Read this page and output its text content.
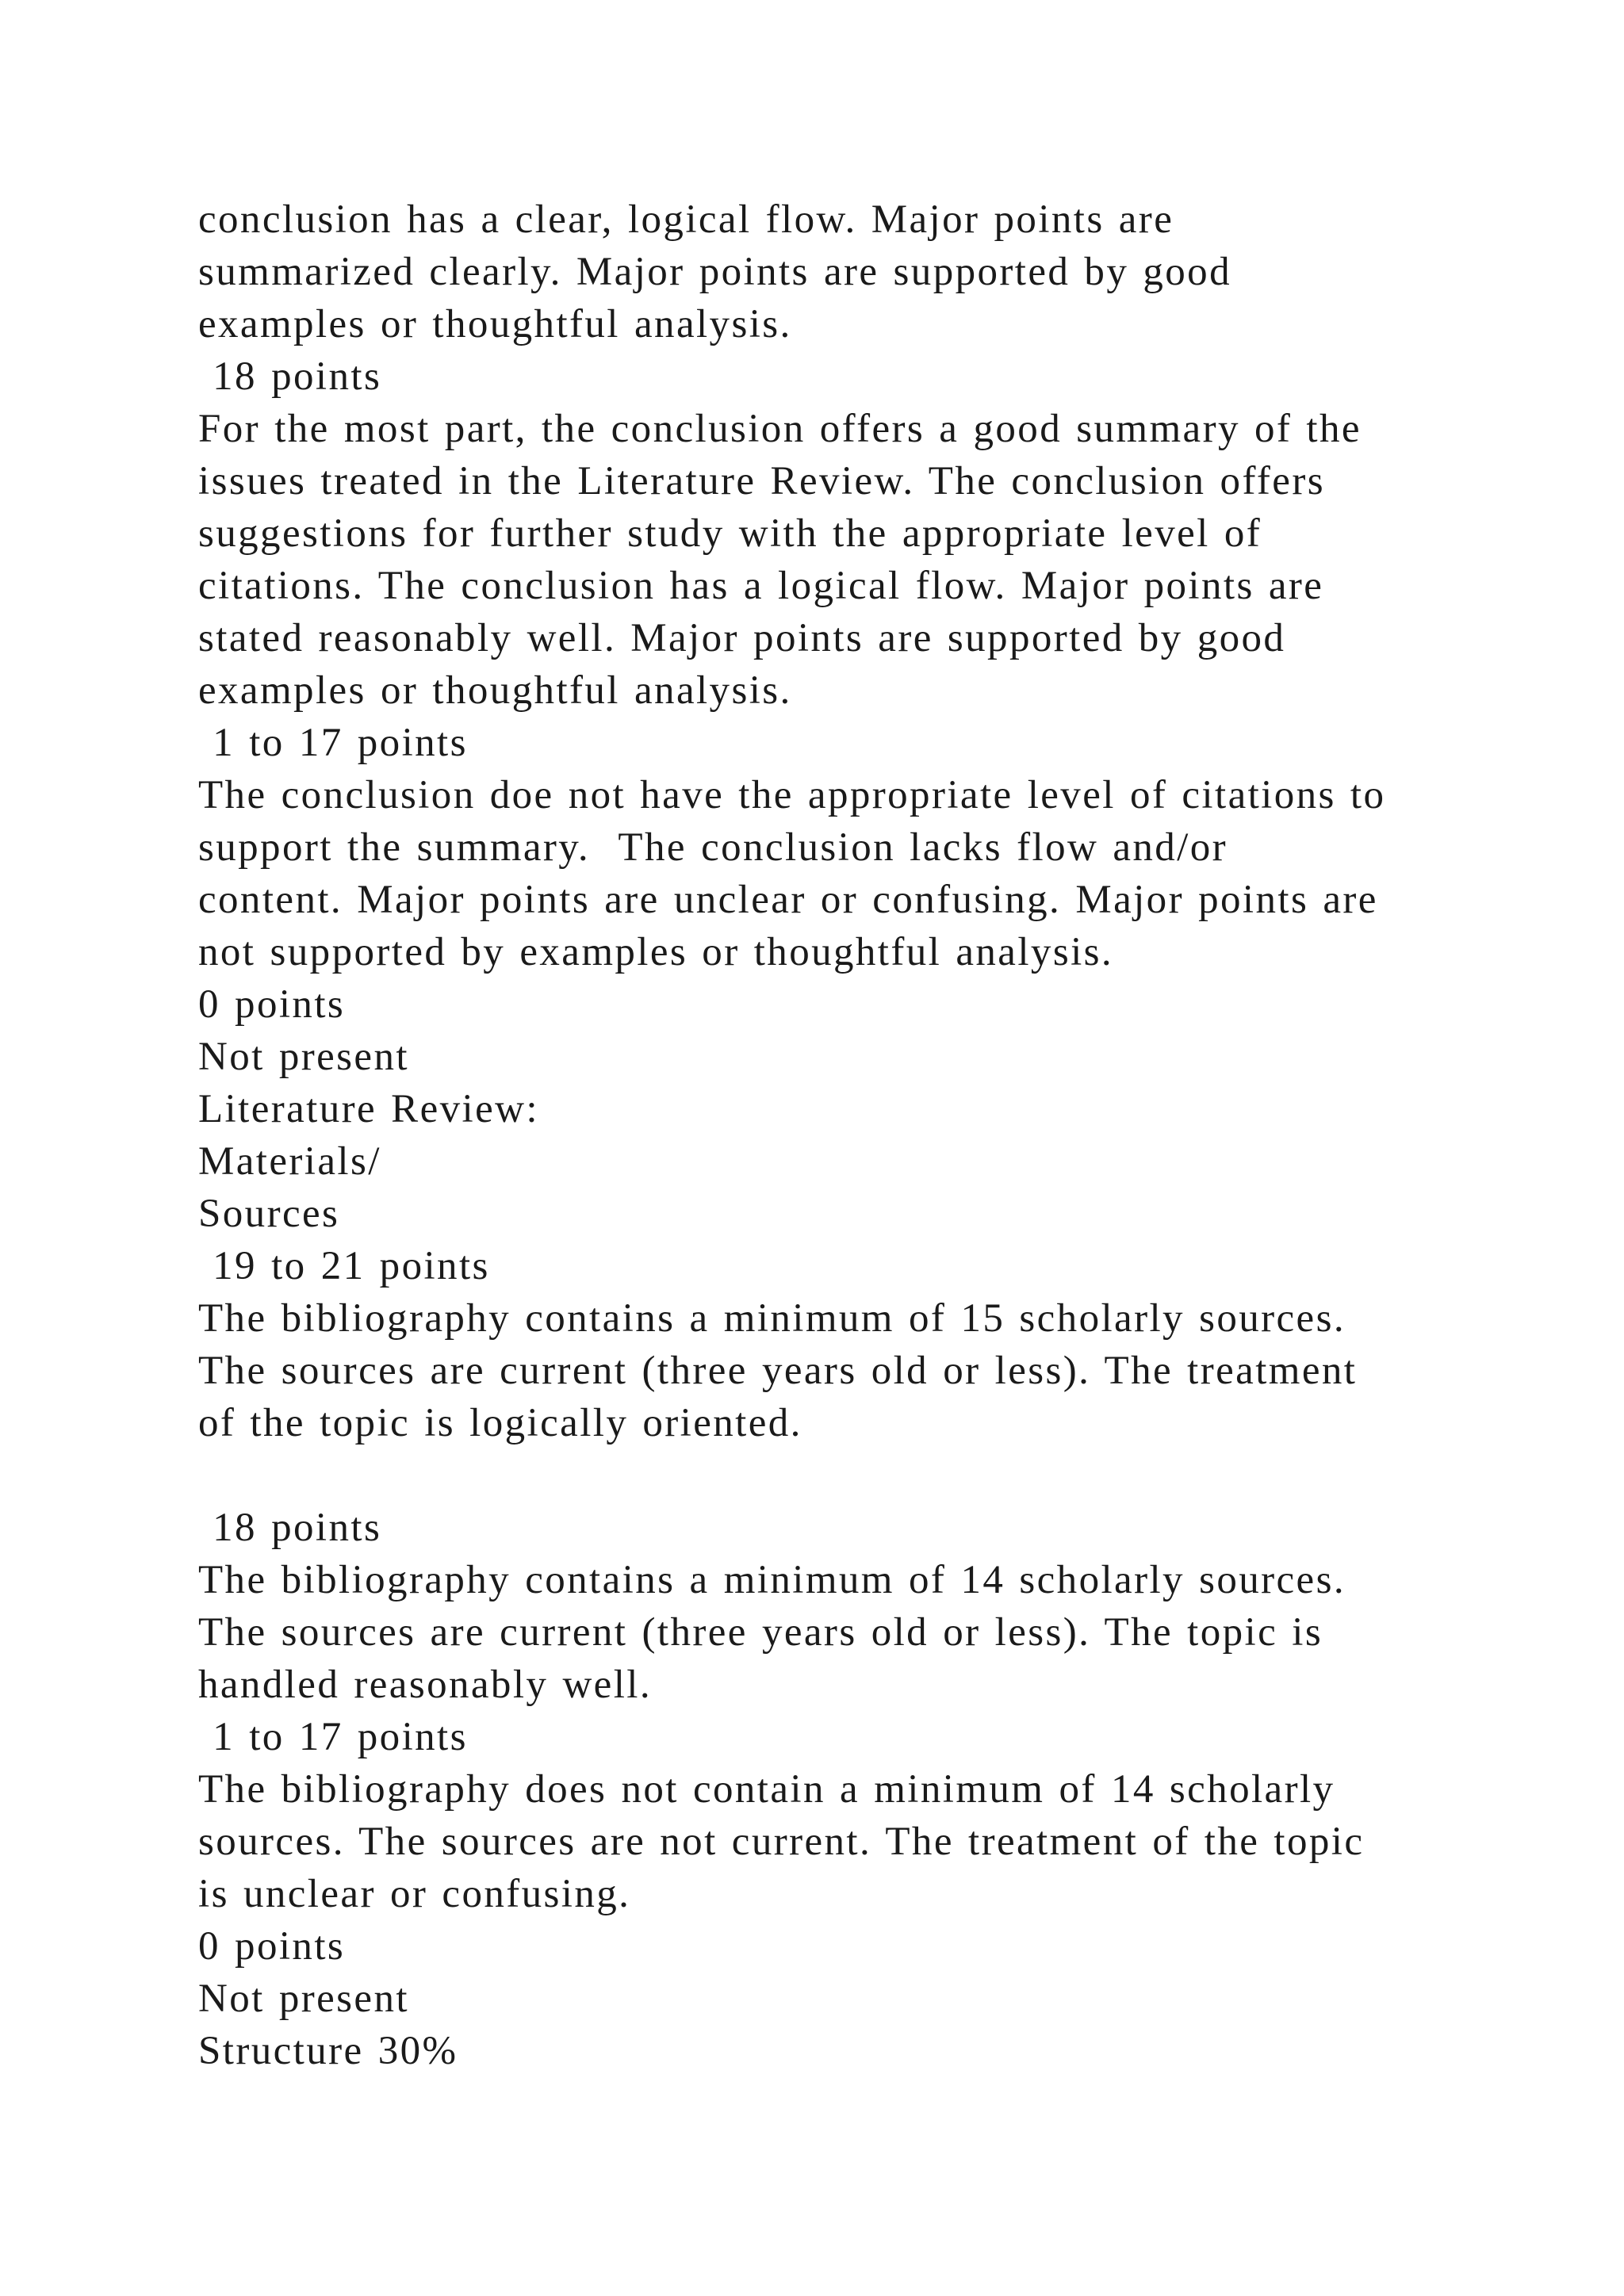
conclusion has a clear, logical flow. Major points are
summarized clearly. Major points are supported by good
examples or thoughtful analysis.
18 points
For the most part, the conclusion offers a good summary of the
issues treated in the Literature Review. The conclusion offers
suggestions for further study with the appropriate level of
citations. The conclusion has a logical flow. Major points are
stated reasonably well. Major points are supported by good
examples or thoughtful analysis.
1 to 17 points
The conclusion doe not have the appropriate level of citations to
support the summary.  The conclusion lacks flow and/or
content. Major points are unclear or confusing. Major points are
not supported by examples or thoughtful analysis.
0 points
Not present
Literature Review:
Materials/
Sources
19 to 21 points
The bibliography contains a minimum of 15 scholarly sources.
The sources are current (three years old or less). The treatment
of the topic is logically oriented.
18 points
The bibliography contains a minimum of 14 scholarly sources.
The sources are current (three years old or less). The topic is
handled reasonably well.
1 to 17 points
The bibliography does not contain a minimum of 14 scholarly
sources. The sources are not current. The treatment of the topic
is unclear or confusing.
0 points
Not present
Structure 30%
